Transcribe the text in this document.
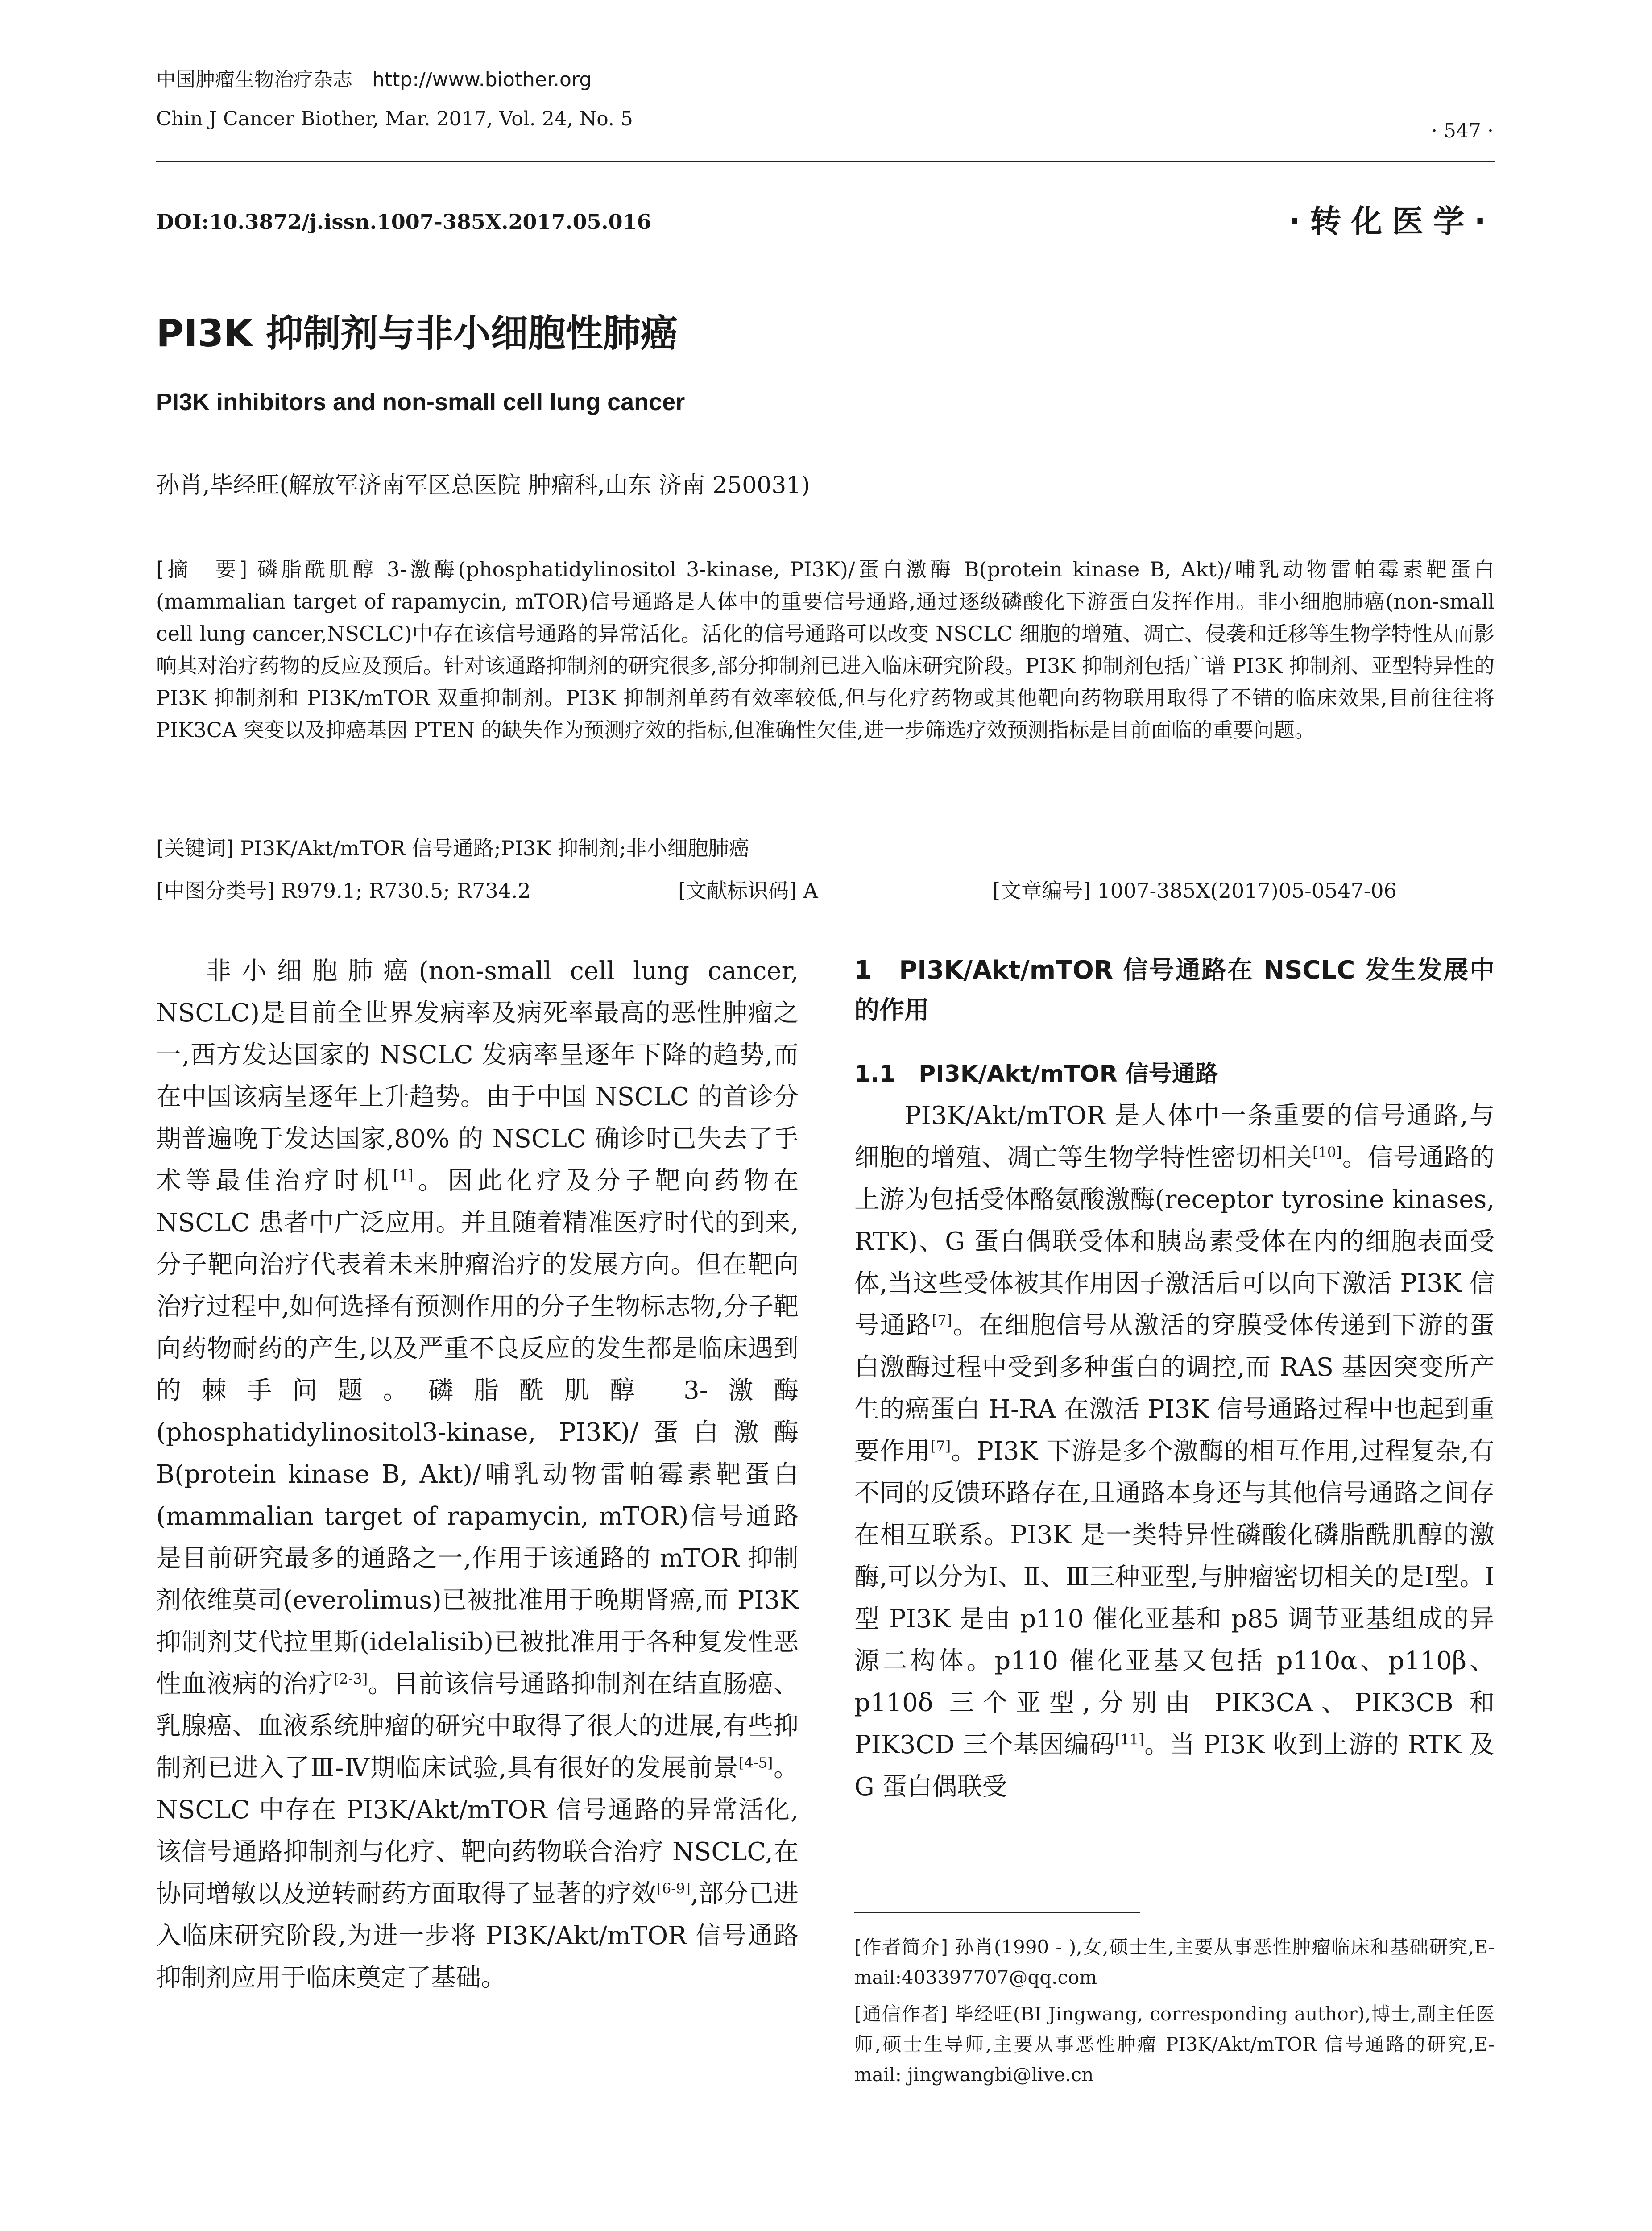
中国肿瘤生物治疗杂志　http://www.biother.org
Chin J Cancer Biother, Mar. 2017, Vol. 24, No. 5
· 547 ·
DOI:10.3872/j.issn.1007-385X.2017.05.016	·转化医学·
PI3K 抑制剂与非小细胞性肺癌
PI3K inhibitors and non-small cell lung cancer
孙肖,毕经旺(解放军济南军区总医院 肿瘤科,山东 济南 250031)
[摘　要] 磷脂酰肌醇 3-激酶(phosphatidylinositol 3-kinase, PI3K)/蛋白激酶 B(protein kinase B, Akt)/哺乳动物雷帕霉素靶蛋白(mammalian target of rapamycin, mTOR)信号通路是人体中的重要信号通路,通过逐级磷酸化下游蛋白发挥作用。非小细胞肺癌(non-small cell lung cancer,NSCLC)中存在该信号通路的异常活化。活化的信号通路可以改变 NSCLC 细胞的增殖、凋亡、侵袭和迁移等生物学特性从而影响其对治疗药物的反应及预后。针对该通路抑制剂的研究很多,部分抑制剂已进入临床研究阶段。PI3K 抑制剂包括广谱 PI3K 抑制剂、亚型特异性的 PI3K 抑制剂和 PI3K/mTOR 双重抑制剂。PI3K 抑制剂单药有效率较低,但与化疗药物或其他靶向药物联用取得了不错的临床效果,目前往往将 PIK3CA 突变以及抑癌基因 PTEN 的缺失作为预测疗效的指标,但准确性欠佳,进一步筛选疗效预测指标是目前面临的重要问题。
[关键词] PI3K/Akt/mTOR 信号通路;PI3K 抑制剂;非小细胞肺癌
[中图分类号] R979.1; R730.5; R734.2	[文献标识码] A	[文章编号] 1007-385X(2017)05-0547-06

非小细胞肺癌(non-small cell lung cancer, NSCLC)是目前全世界发病率及病死率最高的恶性肿瘤之一,西方发达国家的 NSCLC 发病率呈逐年下降的趋势,而在中国该病呈逐年上升趋势。由于中国 NSCLC 的首诊分期普遍晚于发达国家,80% 的 NSCLC 确诊时已失去了手术等最佳治疗时机[1]。因此化疗及分子靶向药物在 NSCLC 患者中广泛应用。并且随着精准医疗时代的到来,分子靶向治疗代表着未来肿瘤治疗的发展方向。但在靶向治疗过程中,如何选择有预测作用的分子生物标志物,分子靶向药物耐药的产生,以及严重不良反应的发生都是临床遇到的棘手问题。磷脂酰肌醇 3-激酶(phosphatidylinositol3-kinase, PI3K)/蛋白激酶 B(protein kinase B, Akt)/哺乳动物雷帕霉素靶蛋白(mammalian target of rapamycin, mTOR)信号通路是目前研究最多的通路之一,作用于该通路的 mTOR 抑制剂依维莫司(everolimus)已被批准用于晚期肾癌,而 PI3K 抑制剂艾代拉里斯(idelalisib)已被批准用于各种复发性恶性血液病的治疗[2-3]。目前该信号通路抑制剂在结直肠癌、乳腺癌、血液系统肿瘤的研究中取得了很大的进展,有些抑制剂已进入了Ⅲ-Ⅳ期临床试验,具有很好的发展前景[4-5]。NSCLC 中存在 PI3K/Akt/mTOR 信号通路的异常活化,该信号通路抑制剂与化疗、靶向药物联合治疗 NSCLC,在协同增敏以及逆转耐药方面取得了显著的疗效[6-9],部分已进入临床研究阶段,为进一步将 PI3K/Akt/mTOR 信号通路抑制剂应用于临床奠定了基础。

1　PI3K/Akt/mTOR 信号通路在 NSCLC 发生发展中的作用
1.1　PI3K/Akt/mTOR 信号通路

PI3K/Akt/mTOR 是人体中一条重要的信号通路,与细胞的增殖、凋亡等生物学特性密切相关[10]。信号通路的上游为包括受体酪氨酸激酶(receptor tyrosine kinases, RTK)、G 蛋白偶联受体和胰岛素受体在内的细胞表面受体,当这些受体被其作用因子激活后可以向下激活 PI3K 信号通路[7]。在细胞信号从激活的穿膜受体传递到下游的蛋白激酶过程中受到多种蛋白的调控,而 RAS 基因突变所产生的癌蛋白 H-RA 在激活 PI3K 信号通路过程中也起到重要作用[7]。PI3K 下游是多个激酶的相互作用,过程复杂,有不同的反馈环路存在,且通路本身还与其他信号通路之间存在相互联系。PI3K 是一类特异性磷酸化磷脂酰肌醇的激酶,可以分为Ⅰ、Ⅱ、Ⅲ三种亚型,与肿瘤密切相关的是Ⅰ型。Ⅰ型 PI3K 是由 p110 催化亚基和 p85 调节亚基组成的异源二构体。p110 催化亚基又包括 p110α、p110β、p110δ 三个亚型,分别由 PIK3CA、PIK3CB 和 PIK3CD 三个基因编码[11]。当 PI3K 收到上游的 RTK 及 G 蛋白偶联受

[作者简介] 孙肖(1990 - ),女,硕士生,主要从事恶性肿瘤临床和基础研究,E-mail:403397707@qq.com

[通信作者] 毕经旺(BI Jingwang, corresponding author),博士,副主任医师,硕士生导师,主要从事恶性肿瘤 PI3K/Akt/mTOR 信号通路的研究,E-mail: jingwangbi@live.cn
